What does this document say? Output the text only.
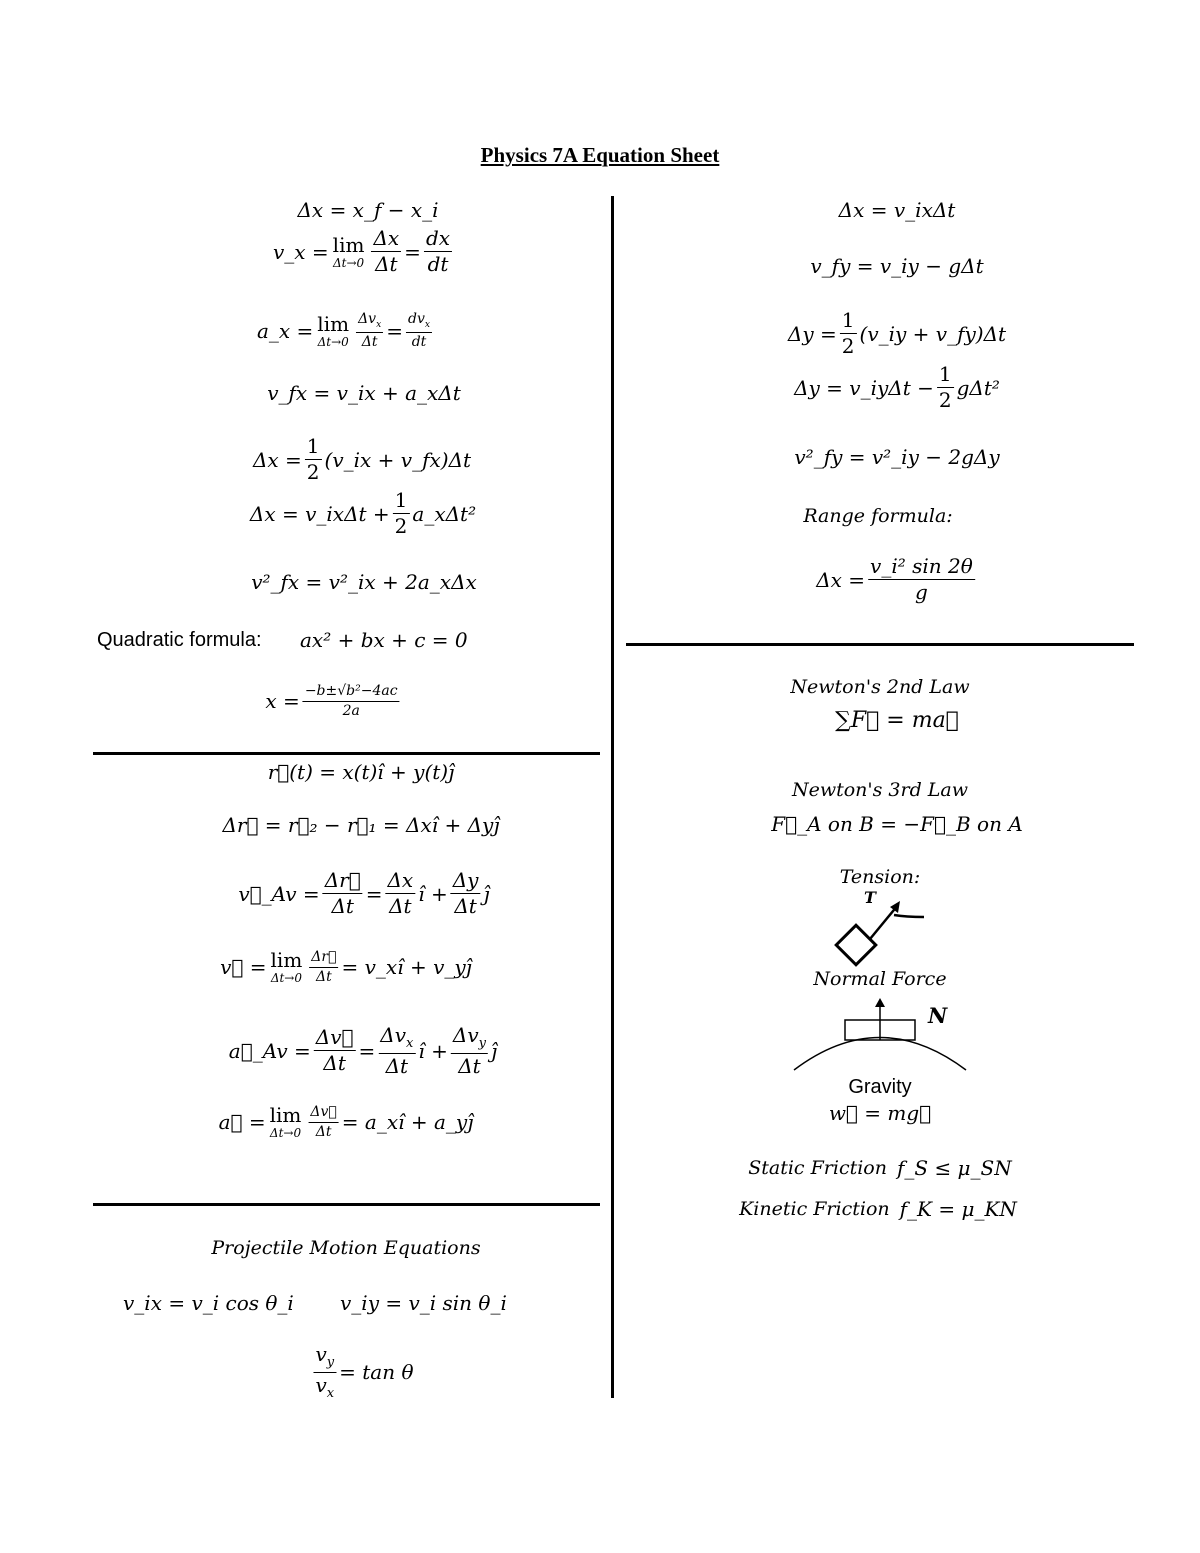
Physics 7A Equation Sheet
Δx = x_f − x_i
v_x = lim
$\Delta t\to 0 \frac{\Delta x}{\Delta t} = \frac{dx}{dt}$
a_x = lim
$\Delta t\to 0 \frac{\Delta v_x}{\Delta t} = \frac{dv_x}{dt}$
v_fx = v_ix + a_xΔt
$\Delta x = \frac{1}{2}$ (v_ix + v_fx)Δt
Δx = v_ixΔt + $\frac{1}{2}$ a_xΔt²
v²_fx = v²_ix + 2a_xΔx
Quadratic formula: ax² + bx + c = 0
$x = \frac{\text{−b±√b²−4ac}}{2a}$
r⃗(t) = x(t)î + y(t)ĵ
Δr⃗ = r⃗₂ − r⃗₁ = Δxî + Δyĵ
v⃗_Av = $\frac{\Delta r⃗}{\Delta t} = \frac{\Delta x}{\Delta t}$ î + $\frac{\Delta y}{\Delta t}$ ĵ
v⃗ = lim
$\Delta t\to 0 \frac{\Delta r⃗}{\Delta t}$ = v_xî + v_yĵ
a⃗_Av = $\frac{\Delta v⃗}{\Delta t} = \frac{\Delta v_x}{\Delta t}$ î + $\frac{\Delta v_y}{\Delta t}$ ĵ
a⃗ = lim
$\Delta t\to 0 \frac{\Delta v⃗}{\Delta t}$ = a_xî + a_yĵ
Projectile Motion Equations
v_ix = v_i cos θ_i v_iy = v_i sin θ_i
$\frac{v_y}{v_x} = \tan \theta$
Δx = v_ixΔt
v_fy = v_iy − gΔt
$\Delta y = \frac{1}{2}$ (v_iy + v_fy)Δt
Δy = v_iyΔt − $\frac{1}{2} g\Delta t^2$
v²_fy = v²_iy − 2gΔy
Range formula:
$\Delta x = \frac{\text{v\_i² sin 2θ}}{g}$
Newton's 2nd Law
∑F⃗ = ma⃗
Newton's 3rd Law
F⃗_A on B = −F⃗_B on A
Tension:
T
Normal Force
N
Gravity
w⃗ = mg⃗
Static Friction f_S ≤ μ_SN
Kinetic Friction f_K = μ_KN
